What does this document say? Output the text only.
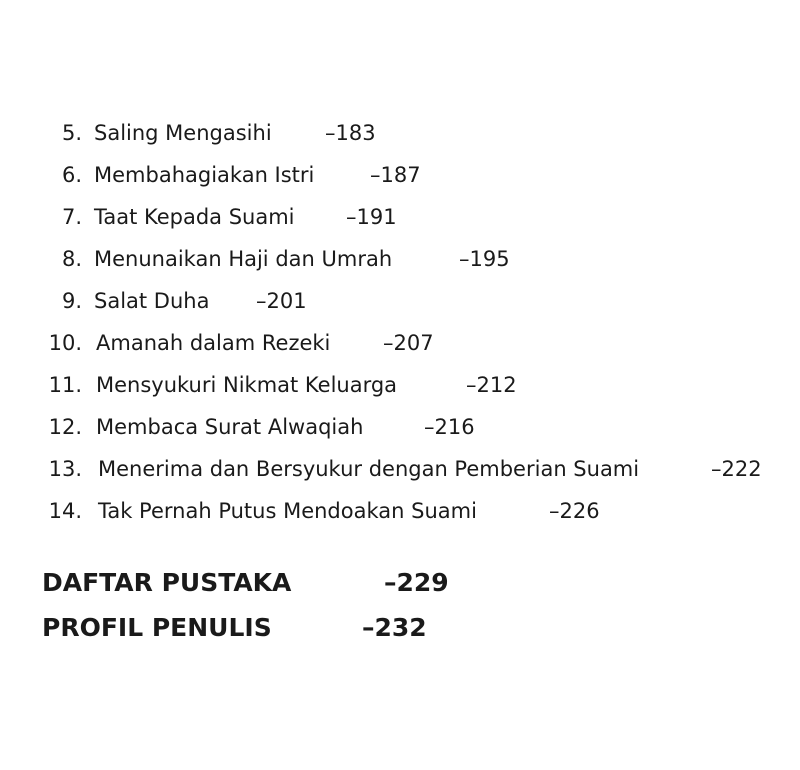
5. Saling Mengasihi	–183
6. Membahagiakan Istri	–187
7. Taat Kepada Suami –191
8. Menunaikan Haji dan Umrah	–195
9. Salat Duha –201
10. Amanah dalam Rezeki	–207
11. Mensyukuri Nikmat Keluarga	–212
12. Membaca Surat Alwaqiah	–216
13. Menerima dan Bersyukur dengan Pemberian Suami	–222
14. Tak Pernah Putus Mendoakan Suami	–226
DAFTAR PUSTAKA	–229
PROFIL PENULIS	–232
